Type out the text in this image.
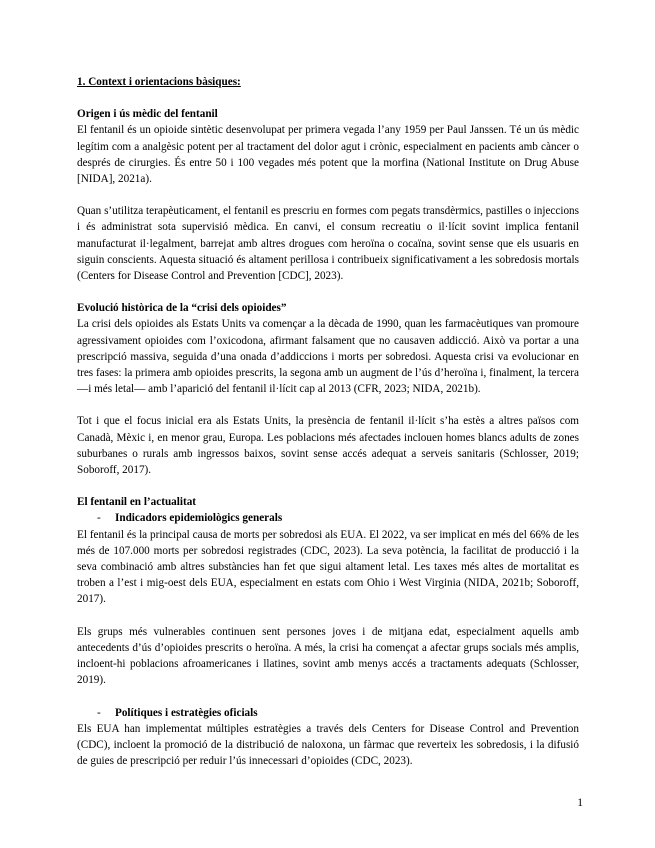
1. Context i orientacions bàsiques:

Origen i ús mèdic del fentanil

El fentanil és un opioide sintètic desenvolupat per primera vegada l’any 1959 per Paul Janssen. Té un ús mèdic legítim com a analgèsic potent per al tractament del dolor agut i crònic, especialment en pacients amb càncer o després de cirurgies. És entre 50 i 100 vegades més potent que la morfina (National Institute on Drug Abuse [NIDA], 2021a).

Quan s’utilitza terapèuticament, el fentanil es prescriu en formes com pegats transdèrmics, pastilles o injeccions i és administrat sota supervisió mèdica. En canvi, el consum recreatiu o il·lícit sovint implica fentanil manufacturat il·legalment, barrejat amb altres drogues com heroïna o cocaïna, sovint sense que els usuaris en siguin conscients. Aquesta situació és altament perillosa i contribueix significativament a les sobredosis mortals (Centers for Disease Control and Prevention [CDC], 2023).

Evolució històrica de la “crisi dels opioides”

La crisi dels opioides als Estats Units va començar a la dècada de 1990, quan les farmacèutiques van promoure agressivament opioides com l’oxicodona, afirmant falsament que no causaven addicció. Això va portar a una prescripció massiva, seguida d’una onada d’addiccions i morts per sobredosi. Aquesta crisi va evolucionar en tres fases: la primera amb opioides prescrits, la segona amb un augment de l’ús d’heroïna i, finalment, la tercera —i més letal— amb l’aparició del fentanil il·lícit cap al 2013 (CFR, 2023; NIDA, 2021b).

Tot i que el focus inicial era als Estats Units, la presència de fentanil il·lícit s’ha estès a altres països com Canadà, Mèxic i, en menor grau, Europa. Les poblacions més afectades inclouen homes blancs adults de zones suburbanes o rurals amb ingressos baixos, sovint sense accés adequat a serveis sanitaris (Schlosser, 2019; Soboroff, 2017).

El fentanil en l’actualitat

- Indicadors epidemiològics generals

El fentanil és la principal causa de morts per sobredosi als EUA. El 2022, va ser implicat en més del 66% de les més de 107.000 morts per sobredosi registrades (CDC, 2023). La seva potència, la facilitat de producció i la seva combinació amb altres substàncies han fet que sigui altament letal. Les taxes més altes de mortalitat es troben a l’est i mig-oest dels EUA, especialment en estats com Ohio i West Virginia (NIDA, 2021b; Soboroff, 2017).

Els grups més vulnerables continuen sent persones joves i de mitjana edat, especialment aquells amb antecedents d’ús d’opioides prescrits o heroïna. A més, la crisi ha començat a afectar grups socials més amplis, incloent-hi poblacions afroamericanes i llatines, sovint amb menys accés a tractaments adequats (Schlosser, 2019).

- Polítiques i estratègies oficials

Els EUA han implementat múltiples estratègies a través dels Centers for Disease Control and Prevention (CDC), incloent la promoció de la distribució de naloxona, un fàrmac que reverteix les sobredosis, i la difusió de guies de prescripció per reduir l’ús innecessari d’opioides (CDC, 2023).

1
